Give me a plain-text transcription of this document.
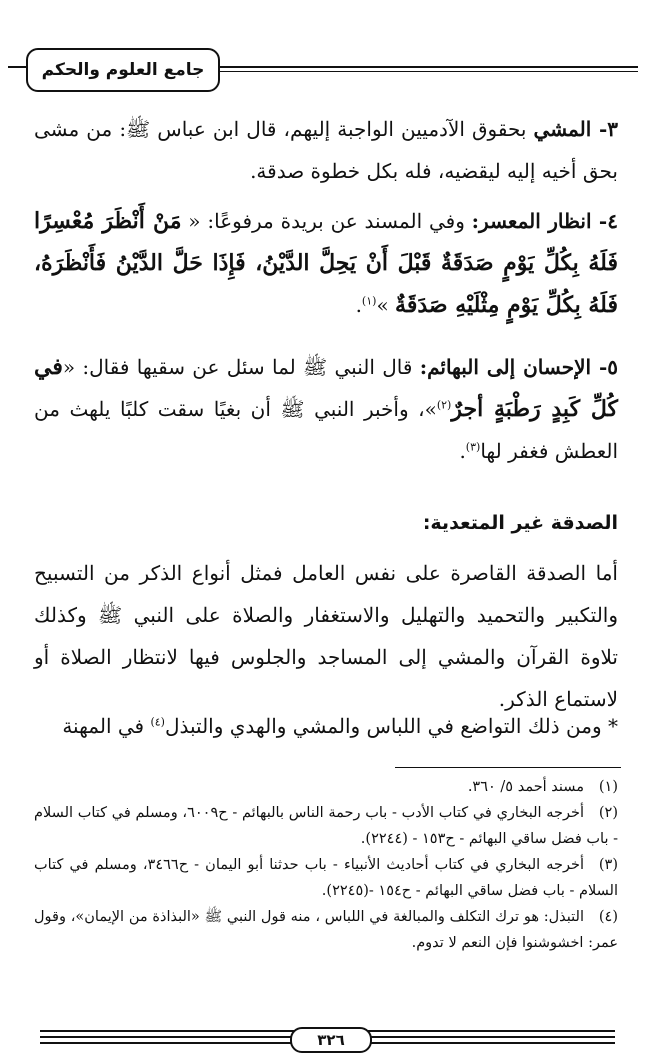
جامع العلوم والحكم
٣- المشي بحقوق الآدميين الواجبة إليهم، قال ابن عباس ﷺ: من مشى بحق أخيه إليه ليقضيه، فله بكل خطوة صدقة.
٤- انظار المعسر: وفي المسند عن بريدة مرفوعًا: « مَنْ أَنْظَرَ مُعْسِرًا فَلَهُ بِكُلِّ يَوْمٍ صَدَقَةٌ قَبْلَ أَنْ يَحِلَّ الدَّيْنُ، فَإِذَا حَلَّ الدَّيْنُ فَأَنْظَرَهُ، فَلَهُ بِكُلِّ يَوْمٍ مِثْلَيْهِ صَدَقَةٌ »$^{(١)}$.
٥- الإحسان إلى البهائم: قال النبي ﷺ لما سئل عن سقيها فقال: «في كُلِّ كَبِدٍ رَطْبَةٍ أجرٌ$^{(٢)}$»، وأخبر النبي ﷺ أن بغيًا سقت كلبًا يلهث من العطش فغفر لها$^{(٣)}$.
الصدقة غير المتعدية:
أما الصدقة القاصرة على نفس العامل فمثل أنواع الذكر من التسبيح والتكبير والتحميد والتهليل والاستغفار والصلاة على النبي ﷺ وكذلك تلاوة القرآن والمشي إلى المساجد والجلوس فيها لانتظار الصلاة أو لاستماع الذكر.
* ومن ذلك التواضع في اللباس والمشي والهدي والتبذل$^{(٤)}$ في المهنة

(١)مسند أحمد ٥/ ٣٦٠.

(٢)أخرجه البخاري في كتاب الأدب - باب رحمة الناس بالبهائم - ح٦٠٠٩، ومسلم في كتاب السلام - باب فضل ساقي البهائم - ح١٥٣ - (٢٢٤٤).

(٣)أخرجه البخاري في كتاب أحاديث الأنبياء - باب حدثنا أبو اليمان - ح٣٤٦٦، ومسلم في كتاب السلام - باب فضل ساقي البهائم - ح١٥٤ -(٢٢٤٥).

(٤)التبذل: هو ترك التكلف والمبالغة في اللباس ، منه قول النبي ﷺ «البذاذة من الإيمان»، وقول عمر: اخشوشنوا فإن النعم لا تدوم.

٣٢٦
